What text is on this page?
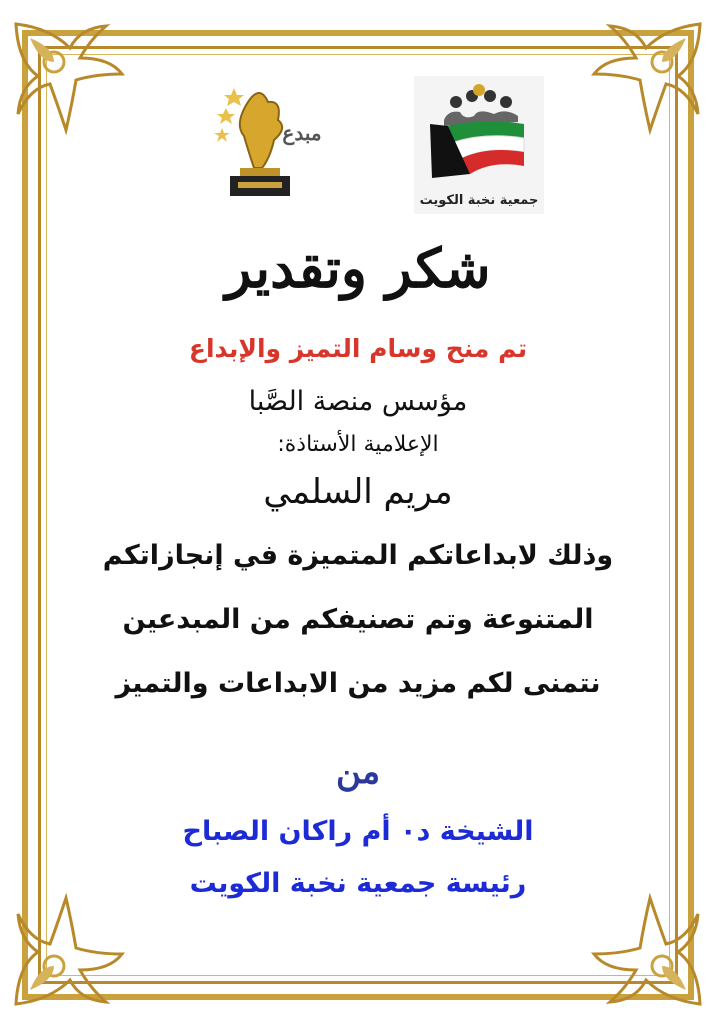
جمعية نخبة الكويت
مبدع
شكر وتقدير
تم منح وسام التميز والإبداع
مؤسس منصة الصَّبا
الإعلامية الأستاذة:
مريم السلمي
وذلك لابداعاتكم المتميزة في إنجازاتكم
المتنوعة وتم تصنيفكم من المبدعين
نتمنى لكم مزيد من الابداعات والتميز
من
الشيخة د٠ أم راكان الصباح
رئيسة جمعية نخبة الكويت
